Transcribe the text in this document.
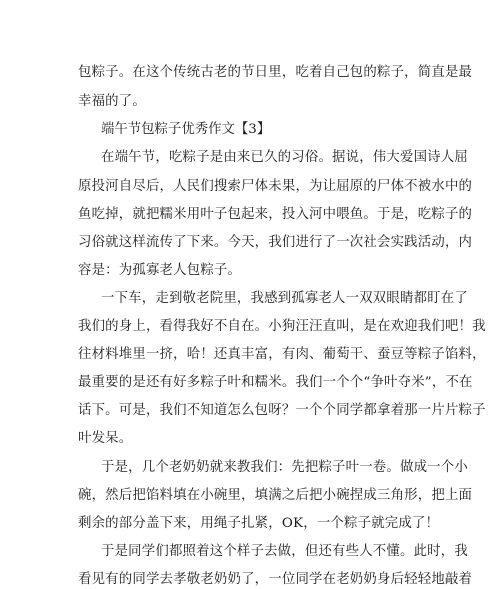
包粽子。在这个传统古老的节日里，吃着自己包的粽子，简直是最
幸福的了。
端午节包粽子优秀作文【3】
在端午节，吃粽子是由来已久的习俗。据说，伟大爱国诗人屈
原投河自尽后，人民们搜索尸体未果，为让屈原的尸体不被水中的
鱼吃掉，就把糯米用叶子包起来，投入河中喂鱼。于是，吃粽子的
习俗就这样流传了下来。今天，我们进行了一次社会实践活动，内
容是：为孤寡老人包粽子。
一下车，走到敬老院里，我感到孤寡老人一双双眼睛都盯在了
我们的身上，看得我好不自在。小狗汪汪直叫，是在欢迎我们吧！我
往材料堆里一挤，哈！还真丰富，有肉、葡萄干、蚕豆等粽子馅料，
最重要的是还有好多粽子叶和糯米。我们一个个“争叶夺米”，不在
话下。可是，我们不知道怎么包呀？一个个同学都拿着那一片片粽子
叶发呆。
于是，几个老奶奶就来教我们：先把粽子叶一卷。做成一个小
碗，然后把馅料填在小碗里，填满之后把小碗捏成三角形，把上面
剩余的部分盖下来，用绳子扎紧，OK，一个粽子就完成了！
于是同学们都照着这个样子去做，但还有些人不懂。此时，我
看见有的同学去孝敬老奶奶了，一位同学在老奶奶身后轻轻地敲着
